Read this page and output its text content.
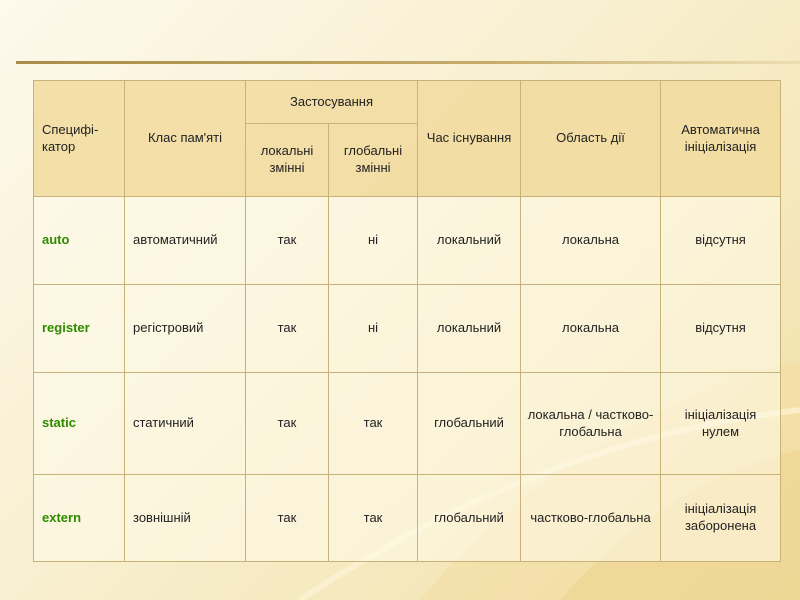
Специфі-катор	Клас пам'яті	Застосування		Час існування	Область дії	Автоматична ініціалізація
		локальні змінні	глобальні змінні			
auto	автоматичний	так	ні	локальний	локальна	відсутня
register	регістровий	так	ні	локальний	локальна	відсутня
static	статичний	так	так	глобальний	локальна / частково-глобальна	ініціалізація нулем
extern	зовнішній	так	так	глобальний	частково-глобальна	ініціалізація заборонена
